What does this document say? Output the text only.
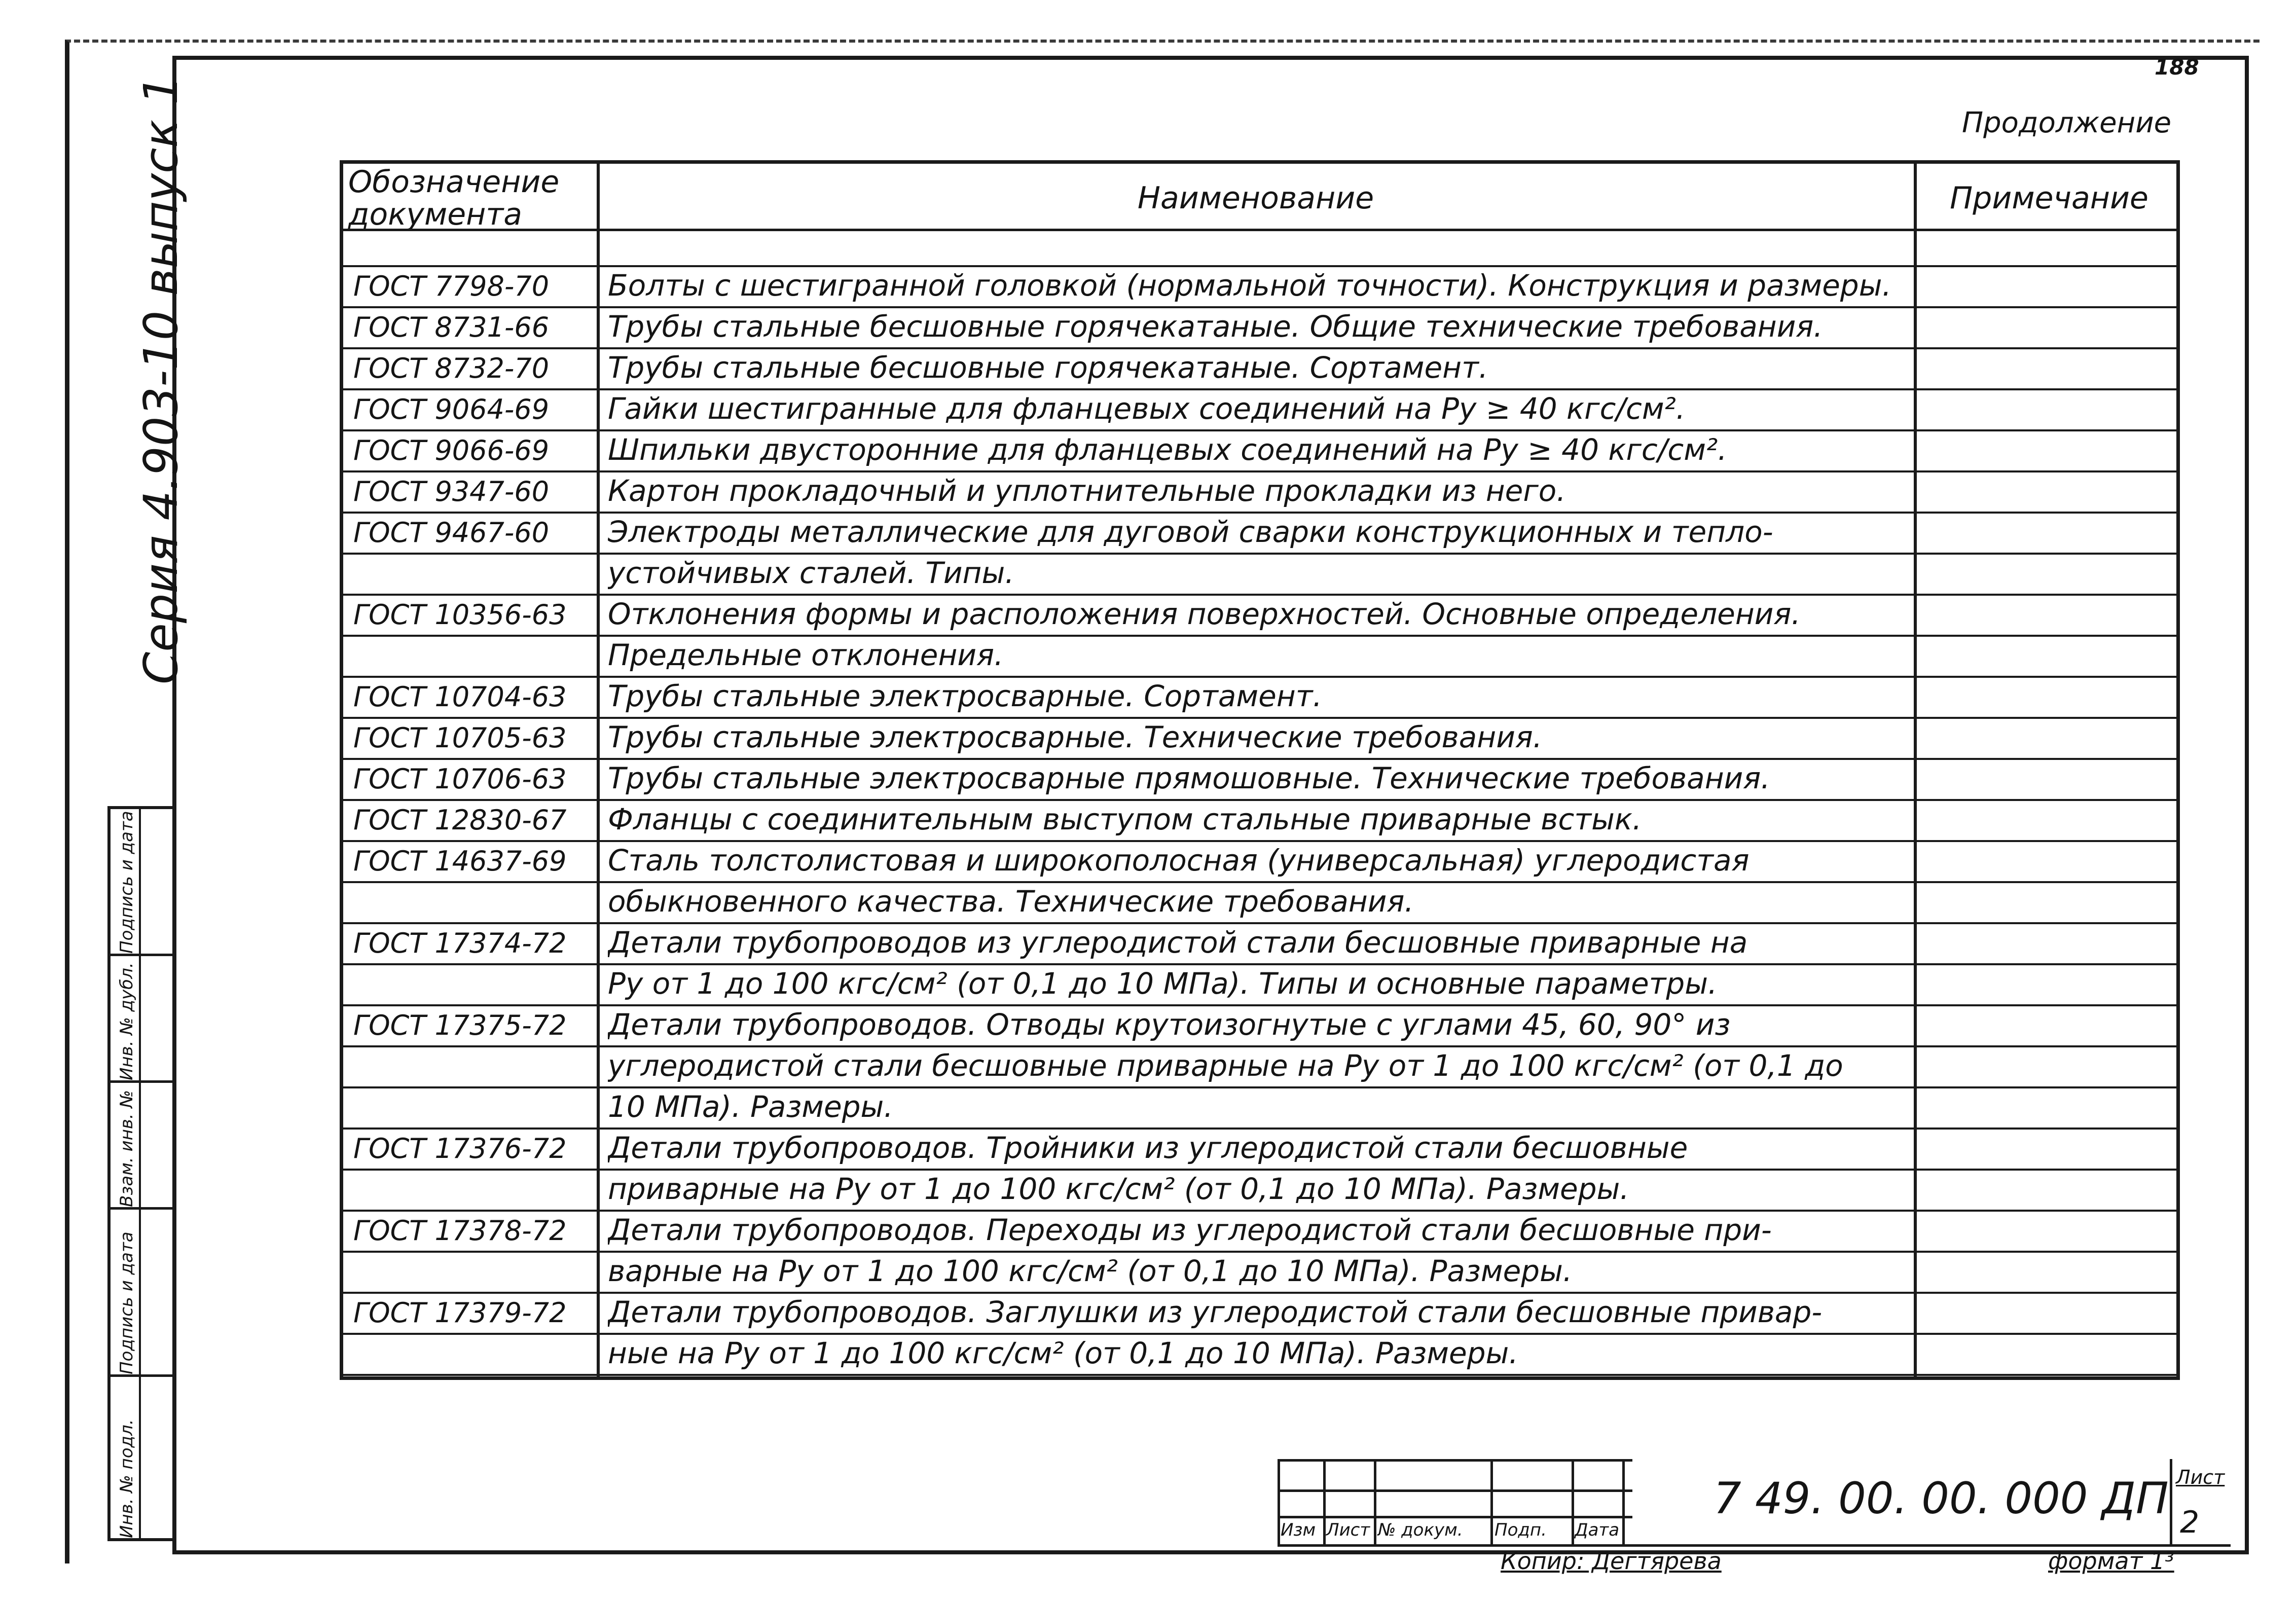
188
Серия 4.903-10 выпуск 1
Подпись и дата
Инв. № дубл.
Взам. инв. №
Подпись и дата
Инв. № подл.
Продолжение
Обозначение документа	Наименование	Примечание
ГОСТ 7798-70	Болты с шестигранной головкой (нормальной точности). Конструкция и размеры.
ГОСТ 8731-66	Трубы стальные бесшовные горячекатаные. Общие технические требования.
ГОСТ 8732-70	Трубы стальные бесшовные горячекатаные. Сортамент.
ГОСТ 9064-69	Гайки шестигранные для фланцевых соединений на Ру ≥ 40 кгс/см².
ГОСТ 9066-69	Шпильки двусторонние для фланцевых соединений на Ру ≥ 40 кгс/см².
ГОСТ 9347-60	Картон прокладочный и уплотнительные прокладки из него.
ГОСТ 9467-60	Электроды металлические для дуговой сварки конструкционных и тепло-
устойчивых сталей. Типы.
ГОСТ 10356-63	Отклонения формы и расположения поверхностей. Основные определения.
Предельные отклонения.
ГОСТ 10704-63	Трубы стальные электросварные. Сортамент.
ГОСТ 10705-63	Трубы стальные электросварные. Технические требования.
ГОСТ 10706-63	Трубы стальные электросварные прямошовные. Технические требования.
ГОСТ 12830-67	Фланцы с соединительным выступом стальные приварные встык.
ГОСТ 14637-69	Сталь толстолистовая и широкополосная (универсальная) углеродистая
обыкновенного качества. Технические требования.
ГОСТ 17374-72	Детали трубопроводов из углеродистой стали бесшовные приварные на
Ру от 1 до 100 кгс/см² (от 0,1 до 10 МПа). Типы и основные параметры.
ГОСТ 17375-72	Детали трубопроводов. Отводы крутоизогнутые с углами 45, 60, 90° из
углеродистой стали бесшовные приварные на Ру от 1 до 100 кгс/см² (от 0,1 до
10 МПа). Размеры.
ГОСТ 17376-72	Детали трубопроводов. Тройники из углеродистой стали бесшовные
приварные на Ру от 1 до 100 кгс/см² (от 0,1 до 10 МПа). Размеры.
ГОСТ 17378-72	Детали трубопроводов. Переходы из углеродистой стали бесшовные при-
варные на Ру от 1 до 100 кгс/см² (от 0,1 до 10 МПа). Размеры.
ГОСТ 17379-72	Детали трубопроводов. Заглушки из углеродистой стали бесшовные привар-
ные на Ру от 1 до 100 кгс/см² (от 0,1 до 10 МПа). Размеры.
Изм Лист № докум. Подп. Дата
7 49. 00. 00. 000 ДП Лист
2
Копир: Дегтярева	формат 1³
